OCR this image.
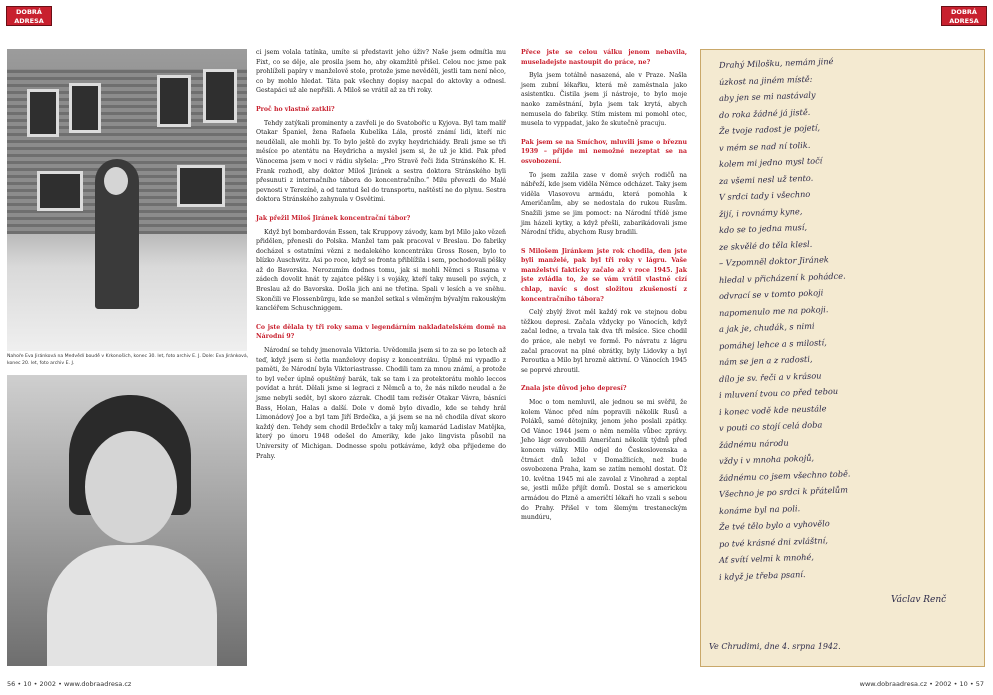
DOBRÁ ADRESA
DOBRÁ ADRESA
Nahoře Eva Jiránková na Medvědí boudě v Krkonoších, konec 30. let, foto archiv E. J. Dole: Eva Jiránková, konec 20. let, foto archiv E. J.

ci jsem volala tatínka, umíte si představit jeho úživ? Naše jsem odmítla mu Fixt, co se děje, ale prosila jsem ho, aby okamžitě přišel. Celou noc jsme pak prohlíželi papíry v manželově stole, protože jsme nevěděli, jestli tam není něco, co by mohlo hledat. Táta pak všechny dopisy nacpal do aktovky a odnesl. Gestapáci už ale nepřišli. A Miloš se vrátil až za tři roky.

Proč ho vlastně zatkli?

Tehdy zatýkali prominenty a zavřeli je do Svatobořic u Kyjova. Byl tam malíř Otakar Španiel, žena Rafaela Kubelíka Lála, prostě známí lidi, kteří nic neudělali, ale mohli by. To bylo ještě do zvyky heydrichiády. Brali jsme se tři měsíce po atentátu na Heydricha a myslel jsem si, že už je klid. Pak před Vánocema jsem v noci v rádiu slyšela: „Pro Stravě řeči žida Stránského K. H. Frank rozhodl, aby doktor Miloš Jiránek a sestra doktora Stránského byli přesunuti z internačního tábora do koncentračního.“ Milu převezli do Malé pevnosti v Terezíně, a od tamtud šel do transportu, naštěstí ne do plynu. Sestra doktora Stránského zahynula v Osvětimi.

Jak přežil Miloš Jiránek koncentrační tábor?

Když byl bombardován Essen, tak Kruppovy závody, kam byl Milo jako vězeň přidělen, přenesli do Polska. Manžel tam pak pracoval v Breslau. Do fabriky docházel s ostatními vězni z nedalekého koncentráku Gross Rosen, bylo to blízko Auschwitz. Asi po roce, když se fronta přiblížila i sem, pochodovali pěšky až do Bavorska. Nerozumím dodnes tomu, jak si mohli Němci s Rusama v zádech dovolit hnát ty zajatce pěšky i s vojáky, kteří taky museli po svých, z Breslau až do Bavorska. Došla jich ani ne třetina. Spali v lesích a ve sněhu. Skončili ve Flossenbürgu, kde se manžel setkal s věměným bývalým rakouským kancléřem Schuschniggem.

Co jste dělala ty tři roky sama v legendárním nakladatelském domě na Národní 9?

Národní se tehdy jmenovala Viktoria. Uvědomila jsem si to za se po letech až teď, když jsem si četla manželovy dopisy z koncentráku. Úplně mi vypadlo z paměti, že Národní byla Viktoriastrasse. Chodili tam za mnou známí, a protože to byl večer úplně opuštěný barák, tak se tam i za protektorátu mohlo leccos povídat a hrát. Dělali jsme si legraci z Němců a to, že nás nikdo neudal a že jsme nebyli sedět, byl skoro zázrak. Chodil tam režisér Otakar Vávra, básníci Bass, Holan, Halas a další. Dole v domě bylo divadlo, kde se tehdy hrál Limonádový Joe a byl tam Jiří Brdečka, a já jsem se na ně chodila dívat skoro každý den. Tehdy sem chodil Brdečkův a taky můj kamarád Ladislav Matějka, který po únoru 1948 odešel do Ameriky, kde jako lingvista působil na University of Michigan. Dodnesse spolu potkáváme, když oba přijedeme do Prahy.

Přece jste se celou válku jenom nebavila, museladejste nastoupit do práce, ne?

Byla jsem totálně nasazená, ale v Praze. Našla jsem zubní lékařku, která mě zaměstnala jako asistentku. Čistila jsem jí nástroje, to bylo moje naoko zaměstnání, byla jsem tak krytá, abych nemusela do fabriky. Stím mistem mi pomohl otec, musela to vyppadat, jako že skutečně pracuju.

Pak jsem se na Smíchov, mluvili jsme o březnu 1939 – přijde mi nemožné nezeptat se na osvobození.

To jsem zažila zase v domě svých rodičů na nábřeží, kde jsem viděla Němce odcházet. Taky jsem viděla Vlasovovu armádu, která pomohla k Američanům, aby se nedostala do rukou Rusům. Snažili jsme se jim pomoct: na Národní třídě jsme jim házeli kytky, a když přešli, zabarikádovali jsme Národní třídu, abychom Rusy bradili.

S Milošem Jiránkem jste rok chodila, den jste byli manželé, pak byl tři roky v lágru. Vaše manželství fakticky začalo až v roce 1945. Jak jste zvládla to, že se vám vrátil vlastně cizí chlap, navíc s dost složitou zkušeností z koncentračního tábora?

Celý zbylý život měl každý rok ve stejnou dobu těžkou depresi. Začala vždycky po Vánocích, když začal ledne, a trvala tak dva tři měsíce. Sice chodil do práce, ale nebyl ve formě. Po návratu z lágru začal pracovat na plné obrátky, byly Lidovky a byl Peroutka a Milo byl hrozně aktivní. O Vánocích 1945 se poprvé zhroutil.

Znala jste důvod jeho depresí?

Moc o tom nemluvil, ale jednou se mi svěřil, že kolem Vánoc před ním popravili několik Rusů a Poláků, samé dětojniky, jenom jeho poslali zpátky. Od Vánoc 1944 jsem o něm neměla vůbec zprávy. Jeho lágr osvobodili Američani několik týdnů před koncem války. Milo odjel do Československa a čtrnáct dnů ležel v Domažlicích, než bude osvobozena Praha, kam se zatím nemohl dostat. Ůž 10. května 1945 mi ale zavolal z Vinohrad a zeptal se, jestli může přijít domů. Dostal se s americkou armádou do Plzně a američtí lékaři ho vzali s sebou do Prahy. Přišel v tom šlemým trestaneckým mundúru,

Václav Renč
Ve Chrudimi, dne 4. srpna 1942.
Drahý Milošku, nemám jiné
úzkost na jiném místě:
aby jen se mi nastávaly
do roka žádné já jistě.
Že tvoje radost je pojetí,
v mém se nad ní tolik.
kolem mi jedno mysl točí
za všemi nesl už tento.
V srdci tady i všechno
žijí, i rovnámy kyne,
kdo se to jedna musí,
ze skvělé do těla klesl.
– Vzpomněl doktor Jiránek
hledal v přicházení k pohádce.
odvrací se v tomto pokoji
napomenulo me na pokoji.
a jak je, chudák, s nimi
pomáhej lehce a s milostí,
nám se jen a z radosti,
dílo je sv. řeči a v krásou
i mluvení tvou co před tebou
i konec vodě kde neustále
v pouti co stojí celá doba
žádnému národu
vždy i v mnoha pokojů,
žádnému co jsem všechno tobě.
Všechno je po srdci k přátelům
konáme byl na poli.
Že tvé tělo bylo a vyhovělo
po tvé krásné dni zvláštní,
Ať svítí velmi k mnohé,
i když je třeba psaní.
56 • 10 • 2002 • www.dobraadresa.cz	www.dobraadresa.cz • 2002 • 10 • 57
